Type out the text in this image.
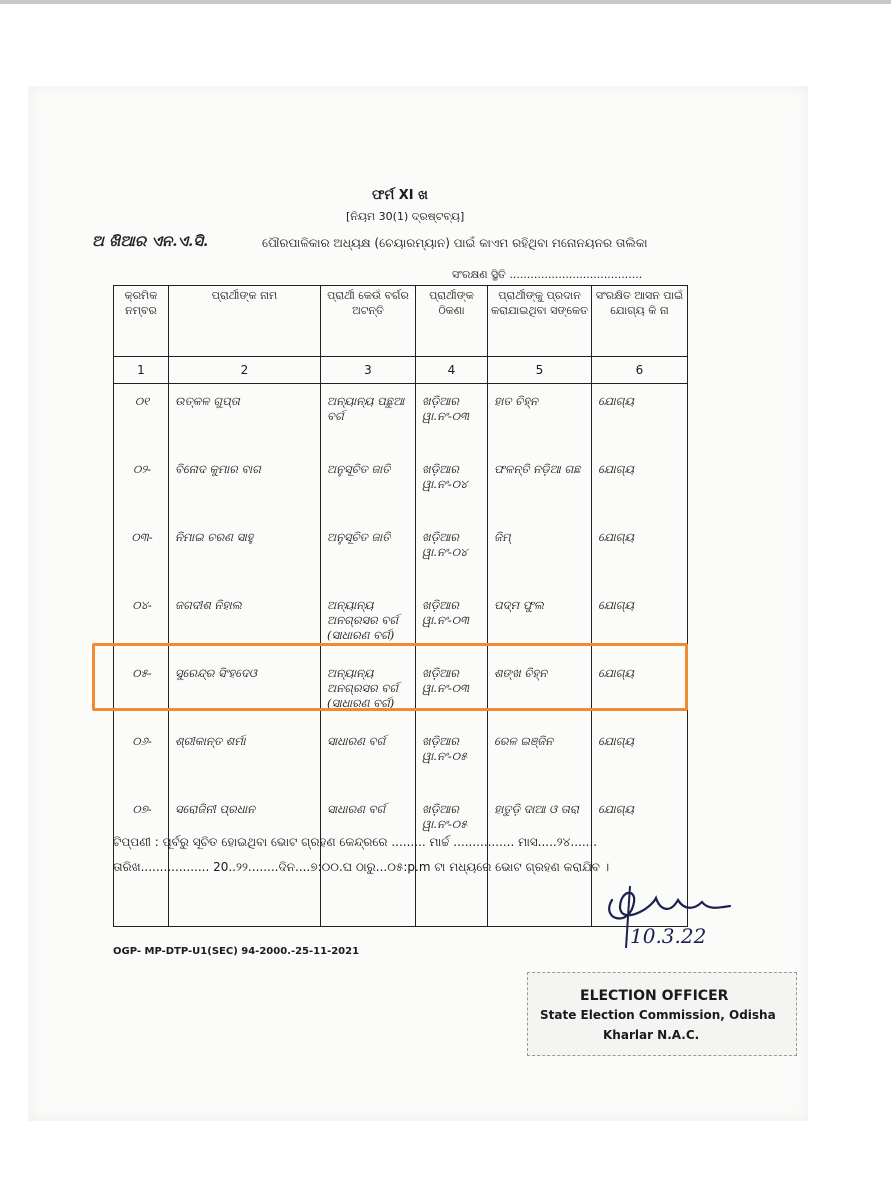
ଫର୍ମ XI ଖ
[ନିୟମ 30(1) ଦ୍ରଷ୍ଟବ୍ୟ]
ଅ ଖିଆର ଏନ.ଏ.ସି.	ପୌରପାଳିକାର ଅଧ୍ୟକ୍ଷ (ଚେୟାରମ୍ୟାନ) ପାଇଁ କାଏମ ରହିଥିବା ମନୋନୟନର ତାଲିକା
ସଂରକ୍ଷଣ ସ୍ଥିତି ......................................
କ୍ରମିକ ନମ୍ବର	ପ୍ରାର୍ଥୀଙ୍କ ନାମ	ପ୍ରାର୍ଥୀ କେଉଁ ବର୍ଗର ଅଟନ୍ତି	ପ୍ରାର୍ଥୀଙ୍କ ଠିକଣା	ପ୍ରାର୍ଥୀଙ୍କୁ ପ୍ରଦାନ କରାଯାଇଥିବା ସଙ୍କେତ	ସଂରକ୍ଷିତ ଆସନ ପାଇଁ ଯୋଗ୍ୟ କି ନା
1	2	3	4	5	6
୦୧	ଉତ୍କଳ ଗୁପ୍ତା	ଅନ୍ୟାନ୍ୟ ପଛୁଆ ବର୍ଗ	ଖଡ଼ିଆର ୱା.ନଂ-୦୩	ହାତ ଚିହ୍ନ	ଯୋଗ୍ୟ
୦୨-	ବିନୋଦ କୁମାର ବାଗ	ଅନୁସୂଚିତ ଜାତି	ଖଡ଼ିଆର ୱା.ନଂ-୦୪	ଫଳନ୍ତି ନଡ଼ିଆ ଗଛ	ଯୋଗ୍ୟ
୦୩-	ନିମାଇ ଚରଣ ସାହୁ	ଅନୁସୂଚିତ ଜାତି	ଖଡ଼ିଆର ୱା.ନଂ-୦୪	ଜିମ୍	ଯୋଗ୍ୟ
୦୪-	ଜଗଦୀଶ ନିହାଲ	ଅନ୍ୟାନ୍ୟ ଅନଗ୍ରସର ବର୍ଗ (ସାଧାରଣ ବର୍ଗ)	ଖଡ଼ିଆର ୱା.ନଂ-୦୩	ପଦ୍ମ ଫୁଲ	ଯୋଗ୍ୟ
୦୫-	ସୁରେନ୍ଦ୍ର ସିଂହଦେଓ	ଅନ୍ୟାନ୍ୟ ଅନଗ୍ରସର ବର୍ଗ (ସାଧାରଣ ବର୍ଗ)	ଖଡ଼ିଆର ୱା.ନଂ-୦୩	ଶଙ୍ଖ ଚିହ୍ନ	ଯୋଗ୍ୟ
୦୬-	ଶ୍ରୀକାନ୍ତ ଶର୍ମା	ସାଧାରଣ ବର୍ଗ	ଖଡ଼ିଆର ୱା.ନଂ-୦୫	ରେଳ ଇଞ୍ଜିନ	ଯୋଗ୍ୟ
୦୭-	ସରୋଜିନୀ ପ୍ରଧାନ	ସାଧାରଣ ବର୍ଗ	ଖଡ଼ିଆର ୱା.ନଂ-୦୫	ହାତୁଡ଼ି ଦାଆ ଓ ତାରା	ଯୋଗ୍ୟ

ଟିପ୍ପଣୀ : ପୂର୍ବରୁ ସୂଚିତ ହୋଇଥିବା ଭୋଟ ଗ୍ରହଣ କେନ୍ଦ୍ରରେ ......... ମାର୍ଚ୍ଚ ................ ମାସ.....୨୪.......
ତାରିଖ.................. 20..୨୨........ଦିନ....୭:୦୦.ଘ ଠାରୁ...୦୫:p.m ଟା ମଧ୍ୟରେ ଭୋଟ ଗ୍ରହଣ କରାଯିବ ।
OGP- MP-DTP-U1(SEC) 94-2000.-25-11-2021
10.3.22
ELECTION OFFICER
State Election Commission, Odisha
Kharlar N.A.C.
